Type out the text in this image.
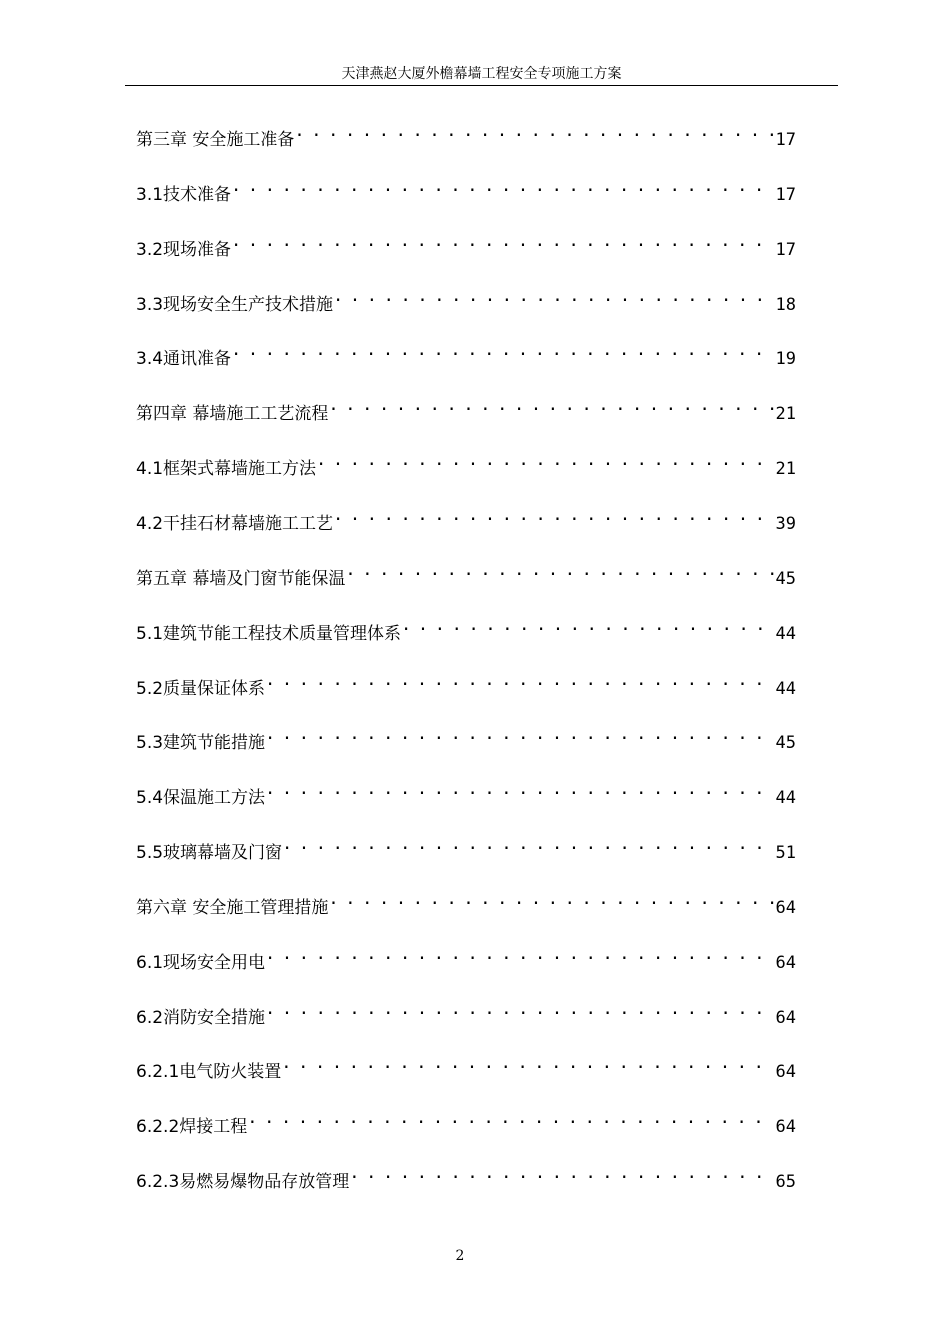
天津燕赵大厦外檐幕墙工程安全专项施工方案
第三章 安全施工准备 . . .	17
3.1技术准备 . . .	17
3.2现场准备 . . .	17
3.3现场安全生产技术措施 . . .	18
3.4通讯准备 . . .	19
第四章 幕墙施工工艺流程 . . .	21
4.1框架式幕墙施工方法 . . .	21
4.2干挂石材幕墙施工工艺 . . .	39
第五章 幕墙及门窗节能保温 . . .	45
5.1建筑节能工程技术质量管理体系 . . .	44
5.2质量保证体系 . . .	44
5.3建筑节能措施 . . .	45
5.4保温施工方法 . . .	44
5.5玻璃幕墙及门窗 . . .	51
第六章 安全施工管理措施 . . .	64
6.1现场安全用电 . . .	64
6.2消防安全措施 . . .	64
6.2.1电气防火装置 . . .	64
6.2.2焊接工程 . . .	64
6.2.3易燃易爆物品存放管理 . . .	65
2
